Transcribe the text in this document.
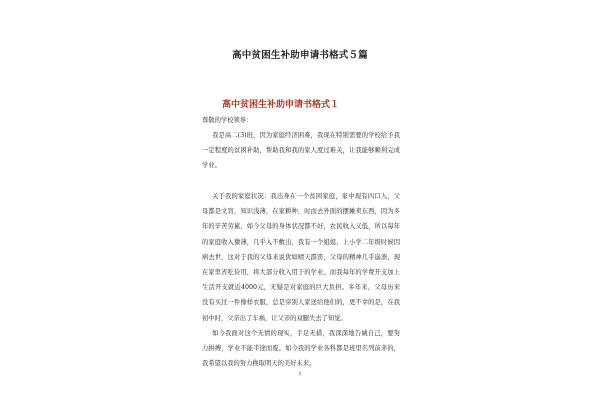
高中贫困生补助申请书格式５篇
高中贫困生补助申请书格式１

尊敬的学校领导：

我是高二(3)班，因为家庭经济困难，我现在特别需要的学校给予我一定程度的贫困补助，帮助我和我的家人度过难关，让我能够顺利完成学业。

关于我的家庭状况：我出身在一个贫困家庭，家中现有四口人，父母都是文盲，知识浅薄，在家耕种，时而去外面的摆摊卖东西，因为多年的辛苦劳累，如今父母的身体状况都不好，农民收入又低，所以每年的家庭收入微薄，几乎入不敷出，我有一个姐姐，上小学二年级时候因病去世，这对于我的父母来说犹如晴天霹雳，父母的精神几乎崩溃，现在家里省吃俭用，将大部分收入用于的学业。而我每年的学费开支加上生活开支就近4000元，无疑是对家庭的巨大负担。多年来，父母历来没有买过一件像样衣服，总是穿别人家送给他们的，更不幸的是，在我初中时，父亲出了车祸，让父亲的双腿失去了知觉。

如今我面对这个无情的现实，手足无措，我深深地告诫自己，要努力拼搏，学业不能半途而废。如今我的学业各科都是班里名列前茅的，我希望以我的努力换取明天的美好未来。

1
